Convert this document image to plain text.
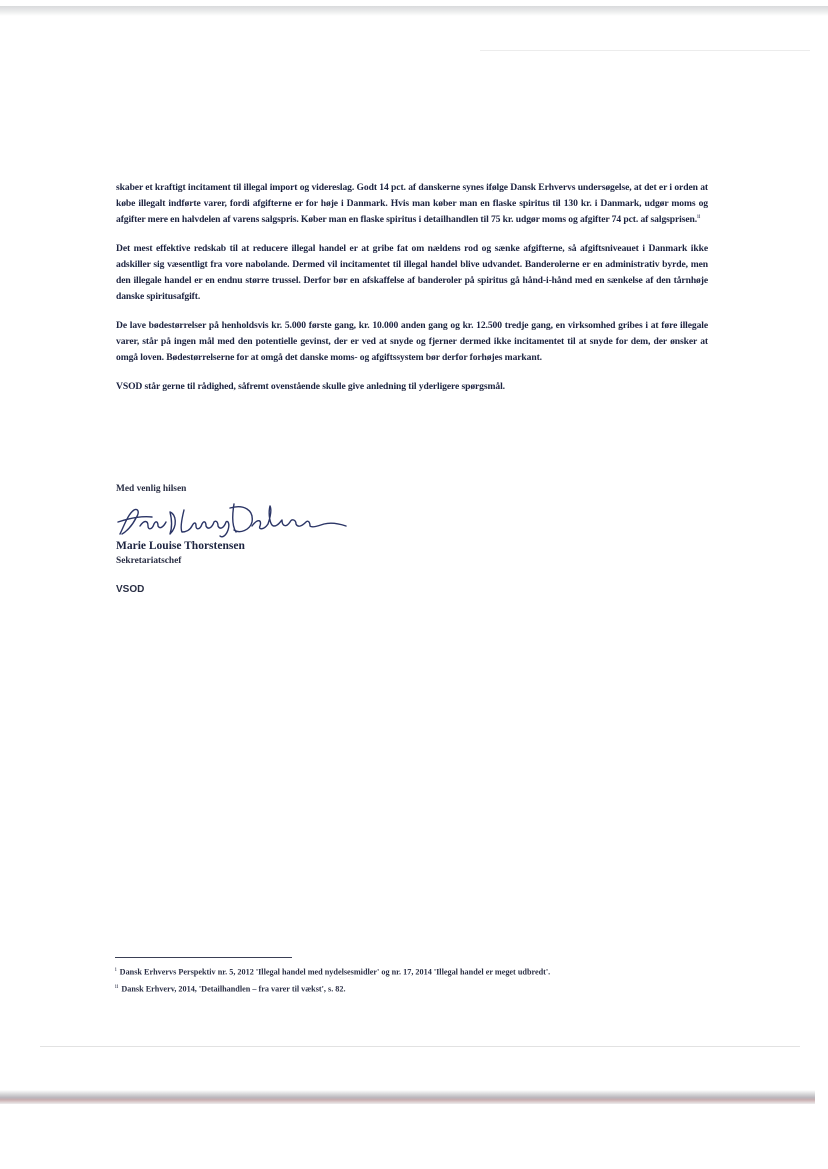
skaber et kraftigt incitament til illegal import og videreslag. Godt 14 pct. af danskerne synes ifølge Dansk Erhvervs undersøgelse, at det er i orden at købe illegalt indførte varer, fordi afgifterne er for høje i Danmark. Hvis man køber man en flaske spiritus til 130 kr. i Danmark, udgør moms og afgifter mere en halvdelen af varens salgspris. Køber man en flaske spiritus i detailhandlen til 75 kr. udgør moms og afgifter 74 pct. af salgsprisen.$^{ii}$

Det mest effektive redskab til at reducere illegal handel er at gribe fat om nældens rod og sænke afgifterne, så afgiftsniveauet i Danmark ikke adskiller sig væsentligt fra vore nabolande. Dermed vil incitamentet til illegal handel blive udvandet. Banderolerne er en administrativ byrde, men den illegale handel er en endnu større trussel. Derfor bør en afskaffelse af banderoler på spiritus gå hånd-i-hånd med en sænkelse af den tårnhøje danske spiritusafgift.

De lave bødestørrelser på henholdsvis kr. 5.000 første gang, kr. 10.000 anden gang og kr. 12.500 tredje gang, en virksomhed gribes i at føre illegale varer, står på ingen mål med den potentielle gevinst, der er ved at snyde og fjerner dermed ikke incitamentet til at snyde for dem, der ønsker at omgå loven. Bødestørrelserne for at omgå det danske moms- og afgiftssystem bør derfor forhøjes markant.

VSOD står gerne til rådighed, såfremt ovenstående skulle give anledning til yderligere spørgsmål.

Med venlig hilsen
Marie Louise Thorstensen
Sekretariatschef
VSOD
$^i$ Dansk Erhvervs Perspektiv nr. 5, 2012 'Illegal handel med nydelsesmidler' og nr. 17, 2014 'Illegal handel er meget udbredt'.
$^{ii}$ Dansk Erhverv, 2014, 'Detailhandlen – fra varer til vækst', s. 82.
